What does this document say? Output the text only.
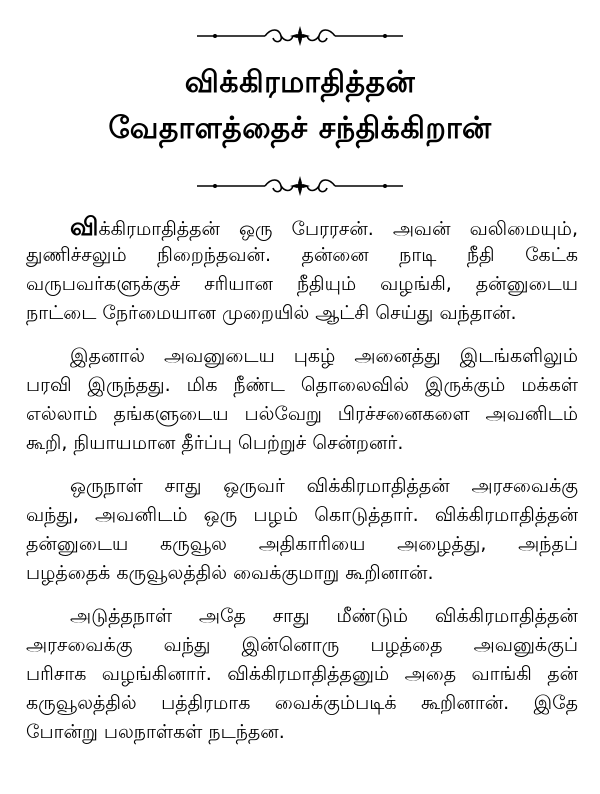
விக்கிரமாதித்தன்
வேதாளத்தைச் சந்திக்கிறான்
விக்கிரமாதித்தன் ஒரு பேரரசன். அவன் வலிமையும்,
துணிச்சலும் நிறைந்தவன். தன்னை நாடி நீதி கேட்க
வருபவர்களுக்குச் சரியான நீதியும் வழங்கி, தன்னுடைய
நாட்டை நேர்மையான முறையில் ஆட்சி செய்து வந்தான்.
இதனால் அவனுடைய புகழ் அனைத்து இடங்களிலும்
பரவி இருந்தது. மிக நீண்ட தொலைவில் இருக்கும் மக்கள்
எல்லாம் தங்களுடைய பல்வேறு பிரச்சனைகளை அவனிடம்
கூறி, நியாயமான தீர்ப்பு பெற்றுச் சென்றனர்.
ஒருநாள் சாது ஒருவர் விக்கிரமாதித்தன் அரசவைக்கு
வந்து, அவனிடம் ஒரு பழம் கொடுத்தார். விக்கிரமாதித்தன்
தன்னுடைய கருவூல அதிகாரியை அழைத்து, அந்தப்
பழத்தைக் கருவூலத்தில் வைக்குமாறு கூறினான்.
அடுத்தநாள் அதே சாது மீண்டும் விக்கிரமாதித்தன்
அரசவைக்கு வந்து இன்னொரு பழத்தை அவனுக்குப்
பரிசாக வழங்கினார். விக்கிரமாதித்தனும் அதை வாங்கி தன்
கருவூலத்தில் பத்திரமாக வைக்கும்படிக் கூறினான். இதே
போன்று பலநாள்கள் நடந்தன.
